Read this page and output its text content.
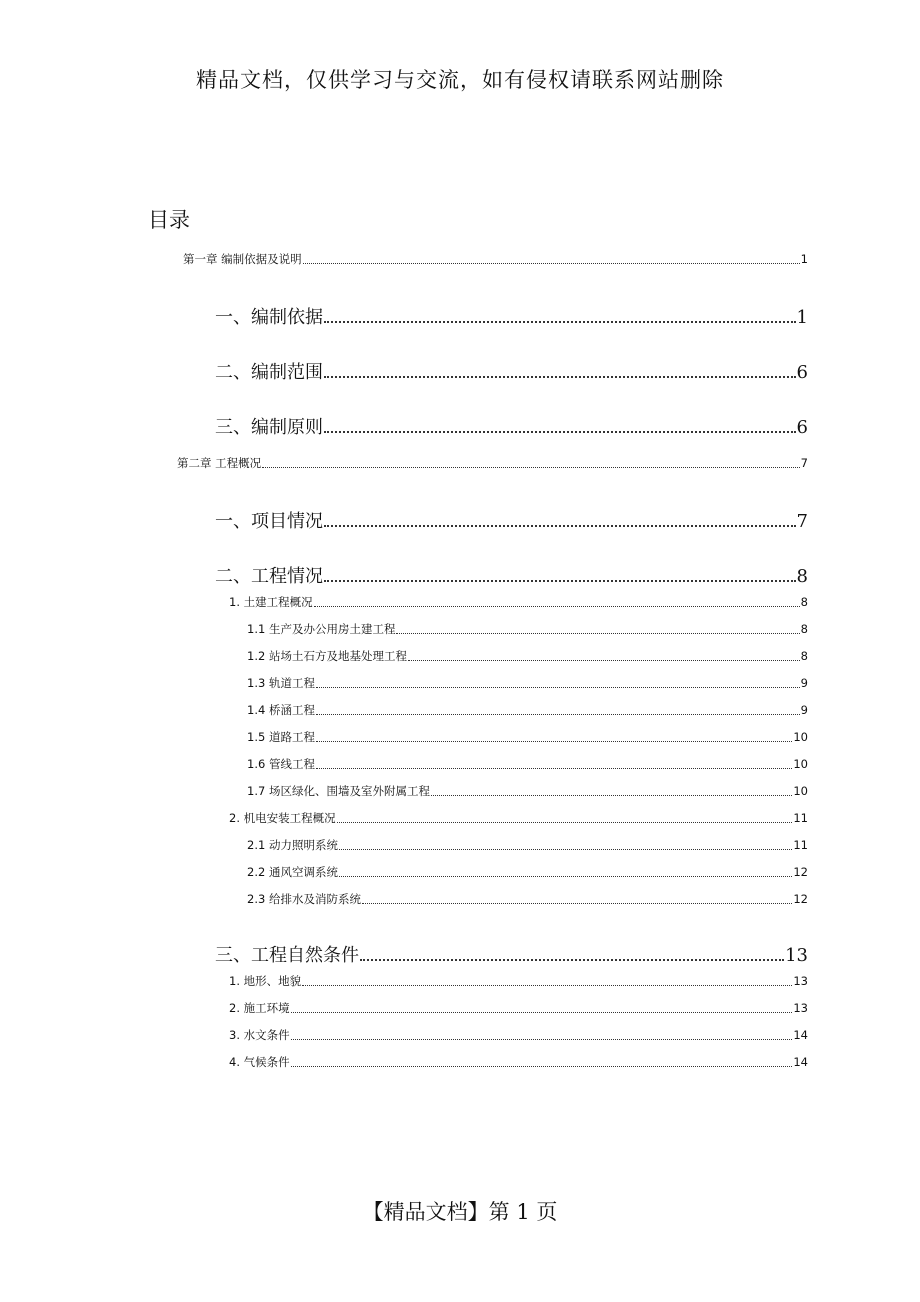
精品文档，仅供学习与交流，如有侵权请联系网站删除
目录
第一章 编制依据及说明	1
一、编制依据	1
二、编制范围	6
三、编制原则	6
第二章 工程概况	7
一、项目情况	7
二、工程情况	8
1. 土建工程概况	8
1.1 生产及办公用房土建工程	8
1.2 站场土石方及地基处理工程	8
1.3 轨道工程	9
1.4 桥涵工程	9
1.5 道路工程	10
1.6 管线工程	10
1.7 场区绿化、围墙及室外附属工程	10
2. 机电安装工程概况	11
2.1 动力照明系统	11
2.2 通风空调系统	12
2.3 给排水及消防系统	12
三、工程自然条件	13
1. 地形、地貌	13
2. 施工环境	13
3. 水文条件	14
4. 气候条件	14
【精品文档】第 1 页
